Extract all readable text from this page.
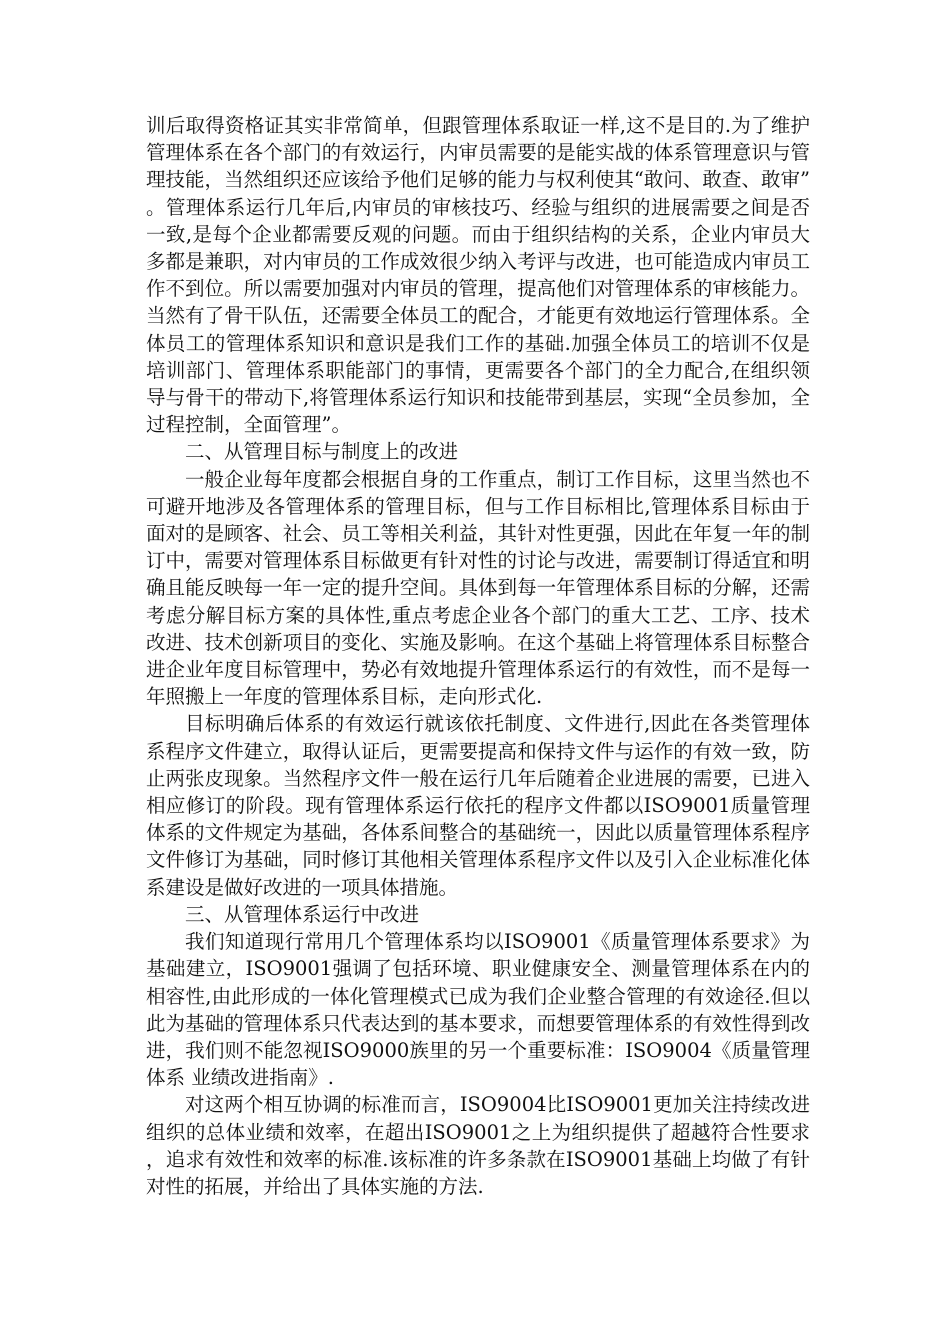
训后取得资格证其实非常简单，但跟管理体系取证一样,这不是目的.为了维护管理体系在各个部门的有效运行，内审员需要的是能实战的体系管理意识与管理技能，当然组织还应该给予他们足够的能力与权利使其“敢问、敢查、敢审”。管理体系运行几年后,内审员的审核技巧、经验与组织的进展需要之间是否一致,是每个企业都需要反观的问题。而由于组织结构的关系，企业内审员大多都是兼职，对内审员的工作成效很少纳入考评与改进，也可能造成内审员工作不到位。所以需要加强对内审员的管理，提高他们对管理体系的审核能力。当然有了骨干队伍，还需要全体员工的配合，才能更有效地运行管理体系。全体员工的管理体系知识和意识是我们工作的基础.加强全体员工的培训不仅是培训部门、管理体系职能部门的事情，更需要各个部门的全力配合,在组织领导与骨干的带动下,将管理体系运行知识和技能带到基层，实现“全员参加，全过程控制，全面管理”。

二、从管理目标与制度上的改进

一般企业每年度都会根据自身的工作重点，制订工作目标，这里当然也不可避开地涉及各管理体系的管理目标，但与工作目标相比,管理体系目标由于面对的是顾客、社会、员工等相关利益，其针对性更强，因此在年复一年的制订中，需要对管理体系目标做更有针对性的讨论与改进，需要制订得适宜和明确且能反映每一年一定的提升空间。具体到每一年管理体系目标的分解，还需考虑分解目标方案的具体性,重点考虑企业各个部门的重大工艺、工序、技术改进、技术创新项目的变化、实施及影响。在这个基础上将管理体系目标整合进企业年度目标管理中，势必有效地提升管理体系运行的有效性，而不是每一年照搬上一年度的管理体系目标，走向形式化.

目标明确后体系的有效运行就该依托制度、文件进行,因此在各类管理体系程序文件建立，取得认证后，更需要提高和保持文件与运作的有效一致，防止两张皮现象。当然程序文件一般在运行几年后随着企业进展的需要，已进入相应修订的阶段。现有管理体系运行依托的程序文件都以ISO9001质量管理体系的文件规定为基础，各体系间整合的基础统一，因此以质量管理体系程序文件修订为基础，同时修订其他相关管理体系程序文件以及引入企业标准化体系建设是做好改进的一项具体措施。

三、从管理体系运行中改进

我们知道现行常用几个管理体系均以ISO9001《质量管理体系要求》为基础建立，ISO9001强调了包括环境、职业健康安全、测量管理体系在内的相容性,由此形成的一体化管理模式已成为我们企业整合管理的有效途径.但以此为基础的管理体系只代表达到的基本要求，而想要管理体系的有效性得到改进，我们则不能忽视ISO9000族里的另一个重要标准：ISO9004《质量管理体系 业绩改进指南》.

对这两个相互协调的标准而言，ISO9004比ISO9001更加关注持续改进组织的总体业绩和效率，在超出ISO9001之上为组织提供了超越符合性要求，追求有效性和效率的标准.该标准的许多条款在ISO9001基础上均做了有针对性的拓展，并给出了具体实施的方法.
